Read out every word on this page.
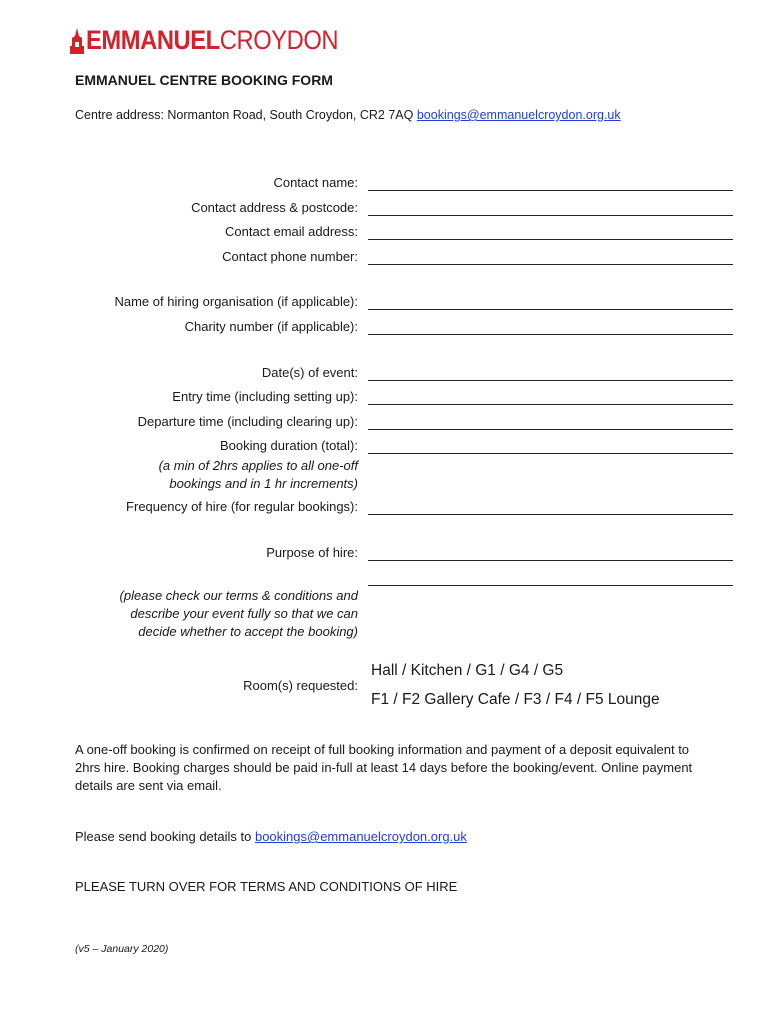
EMMANUELCROYDON
EMMANUEL CENTRE BOOKING FORM
Centre address: Normanton Road, South Croydon, CR2 7AQ bookings@emmanuelcroydon.org.uk
Contact name:
Contact address & postcode:
Contact email address:
Contact phone number:
Name of hiring organisation (if applicable):
Charity number (if applicable):
Date(s) of event:
Entry time (including setting up):
Departure time (including clearing up):
Booking duration (total):
(a min of 2hrs applies to all one-off
bookings and in 1 hr increments)
Frequency of hire (for regular bookings):
Purpose of hire:
(please check our terms & conditions and
describe your event fully so that we can
decide whether to accept the booking)
Room(s) requested:
Hall / Kitchen / G1 / G4 / G5
F1 / F2 Gallery Cafe / F3 / F4 / F5 Lounge
A one-off booking is confirmed on receipt of full booking information and payment of a deposit equivalent to 2hrs hire. Booking charges should be paid in-full at least 14 days before the booking/event. Online payment details are sent via email.
Please send booking details to bookings@emmanuelcroydon.org.uk
PLEASE TURN OVER FOR TERMS AND CONDITIONS OF HIRE
(v5 – January 2020)
